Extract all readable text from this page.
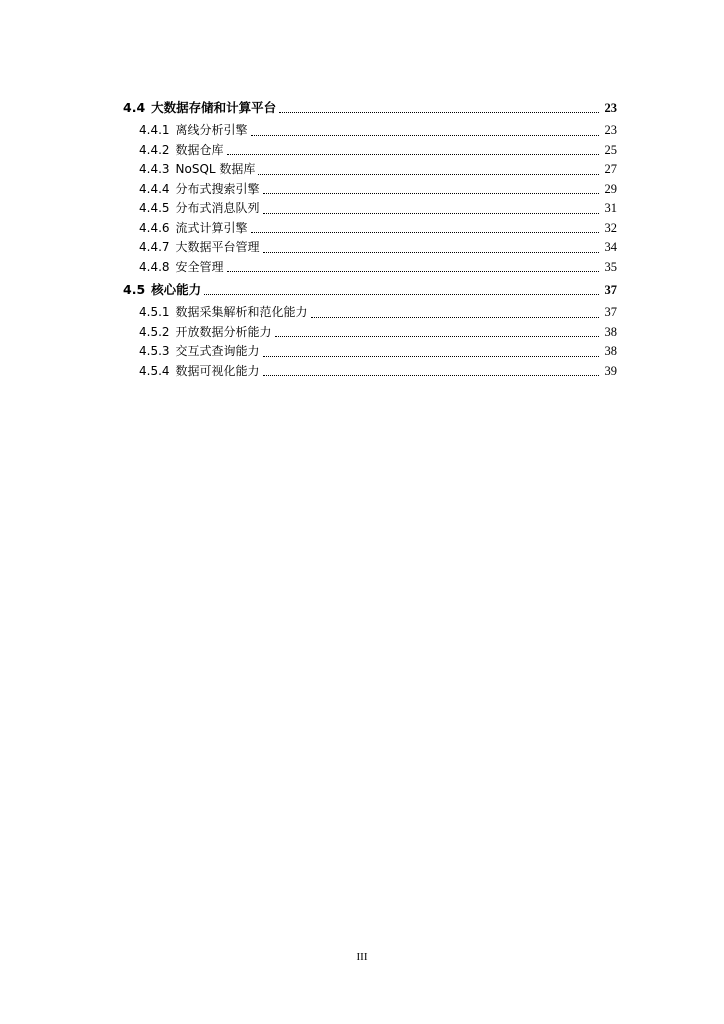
4.4 大数据存储和计算平台	23
4.4.1 离线分析引擎	23
4.4.2 数据仓库	25
4.4.3 NoSQL 数据库	27
4.4.4 分布式搜索引擎	29
4.4.5 分布式消息队列	31
4.4.6 流式计算引擎	32
4.4.7 大数据平台管理	34
4.4.8 安全管理	35
4.5 核心能力	37
4.5.1 数据采集解析和范化能力	37
4.5.2 开放数据分析能力	38
4.5.3 交互式查询能力	38
4.5.4 数据可视化能力	39
III
